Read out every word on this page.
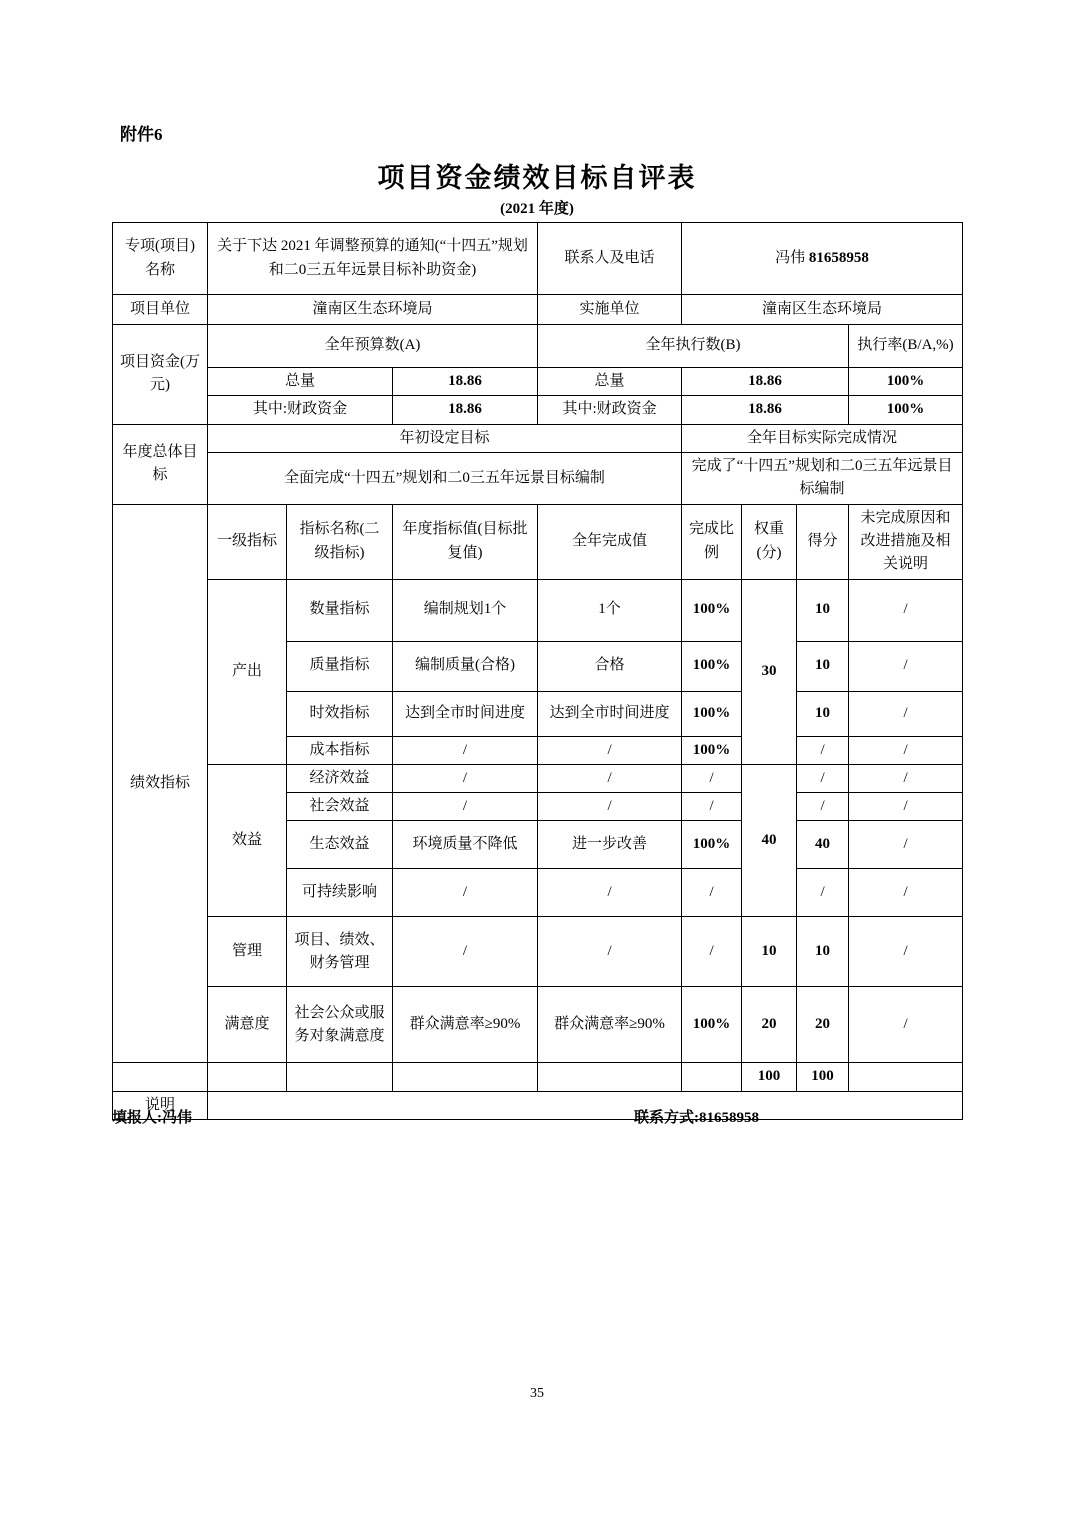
附件6
项目资金绩效目标自评表
(2021 年度)
专项(项目)名称	关于下达 2021 年调整预算的通知(“十四五”规划和二0三五年远景目标补助资金)			联系人及电话	冯伟 81658958			
项目单位	潼南区生态环境局			实施单位	潼南区生态环境局			
项目资金(万元)	全年预算数(A)			全年执行数(B)				执行率(B/A,%)
	总量		18.86	总量	18.86			100%
	其中:财政资金		18.86	其中:财政资金	18.86			100%
年度总体目标	年初设定目标				全年目标实际完成情况			
	全面完成“十四五”规划和二0三五年远景目标编制				完成了“十四五”规划和二0三五年远景目标编制			
绩效指标	一级指标	指标名称(二级指标)	年度指标值(目标批复值)	全年完成值	完成比例	权重(分)	得分	未完成原因和改进措施及相关说明
	产出	数量指标	编制规划1个	1个	100%	30	10	/
		质量指标	编制质量(合格)	合格	100%		10	/
		时效指标	达到全市时间进度	达到全市时间进度	100%		10	/
		成本指标	/	/	100%		/	/
	效益	经济效益	/	/	/	40	/	/
		社会效益	/	/	/		/	/
		生态效益	环境质量不降低	进一步改善	100%		40	/
		可持续影响	/	/	/		/	/
	管理	项目、绩效、财务管理	/	/	/	10	10	/
	满意度	社会公众或服务对象满意度	群众满意率≥90%	群众满意率≥90%	100%	20	20	/
						100	100	
说明								
填报人:冯伟	联系方式:81658958
35
